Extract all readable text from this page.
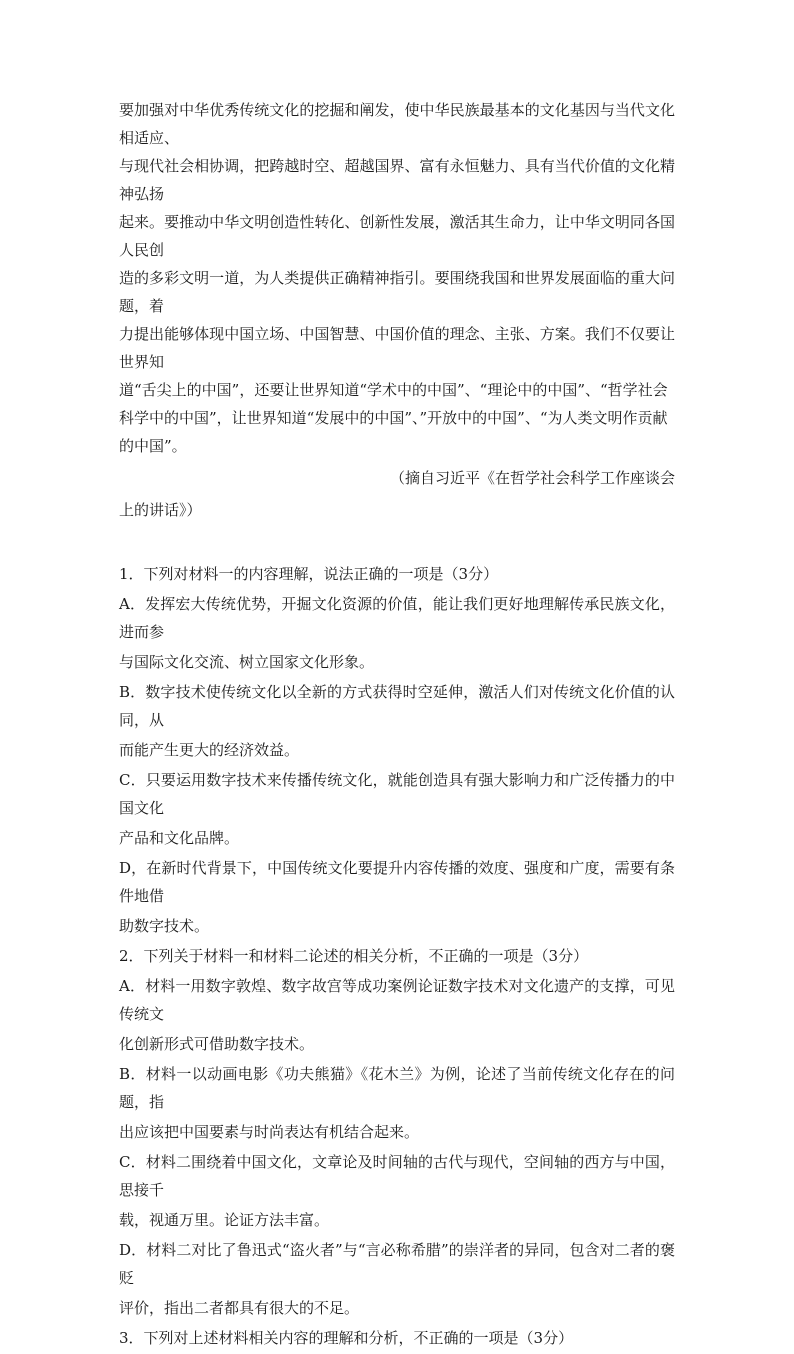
要加强对中华优秀传统文化的挖掘和阐发，使中华民族最基本的文化基因与当代文化相适应、

与现代社会相协调，把跨越时空、超越国界、富有永恒魅力、具有当代价值的文化精神弘扬

起来。要推动中华文明创造性转化、创新性发展，激活其生命力，让中华文明同各国人民创

造的多彩文明一道，为人类提供正确精神指引。要围绕我国和世界发展面临的重大问题，着

力提出能够体现中国立场、中国智慧、中国价值的理念、主张、方案。我们不仅要让世界知

道“舌尖上的中国”，还要让世界知道“学术中的中国”、“理论中的中国”、“哲学社会

科学中的中国”，让世界知道“发展中的中国”、”开放中的中国”、“为人类文明作贡献

的中国”。

（摘自习近平《在哲学社会科学工作座谈会
上的讲话》）

1．下列对材料一的内容理解，说法正确的一项是（3分）

A．发挥宏大传统优势，开掘文化资源的价值，能让我们更好地理解传承民族文化，进而参

与国际文化交流、树立国家文化形象。

B．数字技术使传统文化以全新的方式获得时空延伸，激活人们对传统文化价值的认同，从

而能产生更大的经济效益。

C．只要运用数字技术来传播传统文化，就能创造具有强大影响力和广泛传播力的中国文化

产品和文化品牌。

D，在新时代背景下，中国传统文化要提升内容传播的效度、强度和广度，需要有条件地借

助数字技术。

2．下列关于材料一和材料二论述的相关分析，不正确的一项是（3分）

A．材料一用数字敦煌、数字故宫等成功案例论证数字技术对文化遗产的支撑，可见传统文

化创新形式可借助数字技术。

B．材料一以动画电影《功夫熊猫》《花木兰》为例，论述了当前传统文化存在的问题，指

出应该把中国要素与时尚表达有机结合起来。

C．材料二围绕着中国文化，文章论及时间轴的古代与现代，空间轴的西方与中国，思接千

载，视通万里。论证方法丰富。

D．材料二对比了鲁迅式“盗火者”与“言必称希腊”的崇洋者的异同，包含对二者的褒贬

评价，指出二者都具有很大的不足。

3．下列对上述材料相关内容的理解和分析，不正确的一项是（3分）
